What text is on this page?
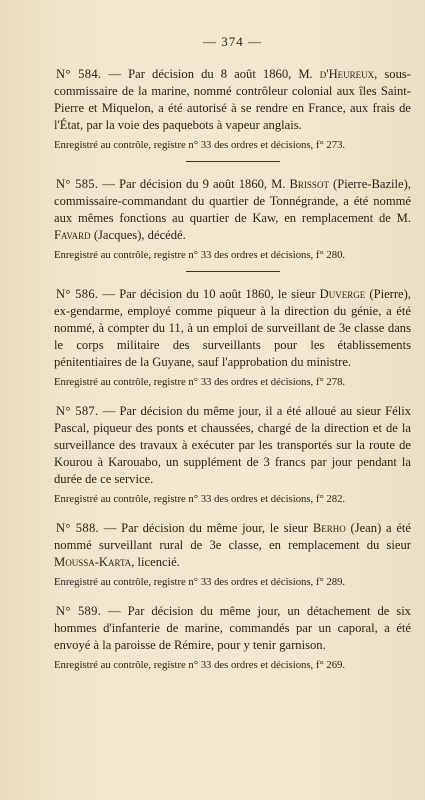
— 374 —

N° 584. — Par décision du 8 août 1860, M. d'Heureux, sous-commissaire de la marine, nommé contrôleur colonial aux îles Saint-Pierre et Miquelon, a été autorisé à se rendre en France, aux frais de l'État, par la voie des paquebots à vapeur anglais.

Enregistré au contrôle, registre n° 33 des ordres et décisions, f° 273.

N° 585. — Par décision du 9 août 1860, M. Brissot (Pierre-Bazile), commissaire-commandant du quartier de Tonnégrande, a été nommé aux mêmes fonctions au quartier de Kaw, en remplacement de M. Favard (Jacques), décédé.

Enregistré au contrôle, registre n° 33 des ordres et décisions, f° 280.

N° 586. — Par décision du 10 août 1860, le sieur Duverge (Pierre), ex-gendarme, employé comme piqueur à la direction du génie, a été nommé, à compter du 11, à un emploi de surveillant de 3e classe dans le corps militaire des surveillants pour les établissements pénitentiaires de la Guyane, sauf l'approbation du ministre.

Enregistré au contrôle, registre n° 33 des ordres et décisions, f° 278.

N° 587. — Par décision du même jour, il a été alloué au sieur Félix Pascal, piqueur des ponts et chaussées, chargé de la direction et de la surveillance des travaux à exécuter par les transportés sur la route de Kourou à Karouabo, un supplément de 3 francs par jour pendant la durée de ce service.

Enregistré au contrôle, registre n° 33 des ordres et décisions, f° 282.

N° 588. — Par décision du même jour, le sieur Berho (Jean) a été nommé surveillant rural de 3e classe, en remplacement du sieur Moussa-Karta, licencié.

Enregistré au contrôle, registre n° 33 des ordres et décisions, f° 289.

N° 589. — Par décision du même jour, un détachement de six hommes d'infanterie de marine, commandés par un caporal, a été envoyé à la paroisse de Rémire, pour y tenir garnison.

Enregistré au contrôle, registre n° 33 des ordres et décisions, f° 269.
